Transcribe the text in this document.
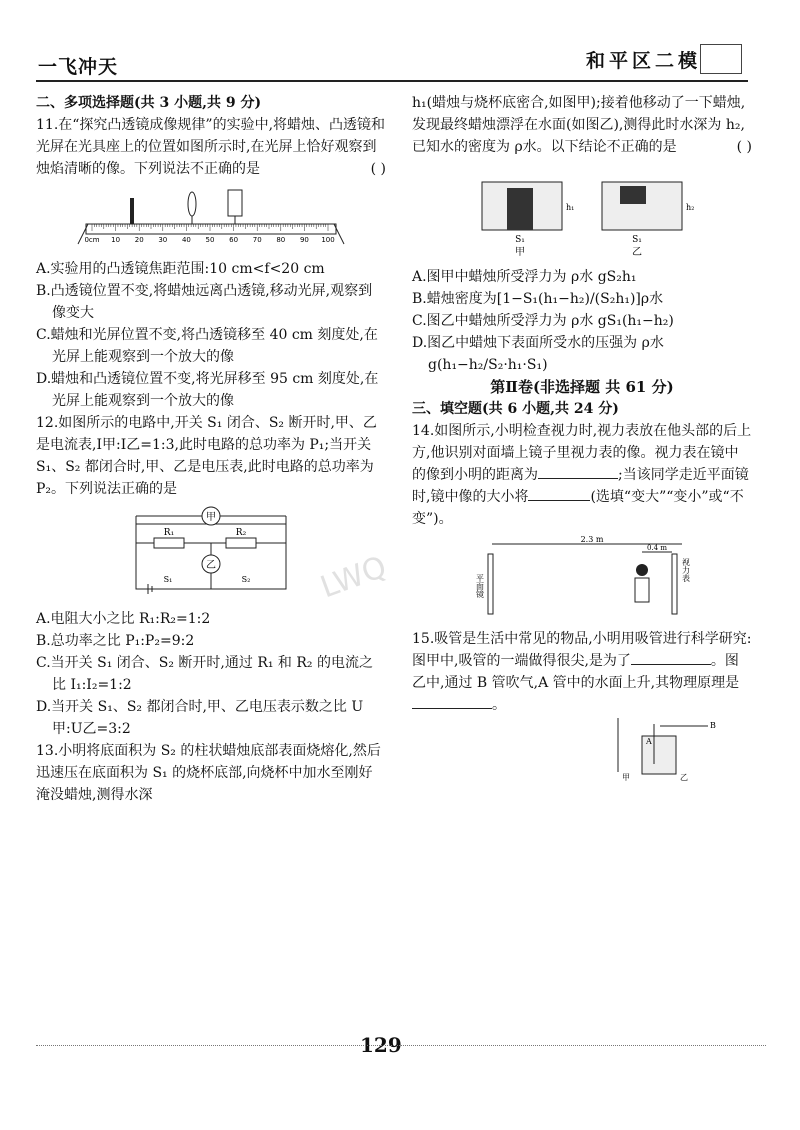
一飞冲天	和平区二模
LWQ

二、多项选择题(共 3 小题,共 9 分)

11.在“探究凸透镜成像规律”的实验中,将蜡烛、凸透镜和光屏在光具座上的位置如图所示时,在光屏上恰好观察到烛焰清晰的像。下列说法不正确的是	( )

0cm 10 20 30 40 50 60 70 80 90 100

A.实验用的凸透镜焦距范围:10 cm<f<20 cm

B.凸透镜位置不变,将蜡烛远离凸透镜,移动光屏,观察到像变大

C.蜡烛和光屏位置不变,将凸透镜移至 40 cm 刻度处,在光屏上能观察到一个放大的像

D.蜡烛和凸透镜位置不变,将光屏移至 95 cm 刻度处,在光屏上能观察到一个放大的像

12.如图所示的电路中,开关 S₁ 闭合、S₂ 断开时,甲、乙是电流表,I甲:I乙=1:3,此时电路的总功率为 P₁;当开关 S₁、S₂ 都闭合时,甲、乙是电压表,此时电路的总功率为 P₂。下列说法正确的是

甲
R₁	R₂
乙
S₁	S₂

A.电阻大小之比 R₁:R₂=1:2

B.总功率之比 P₁:P₂=9:2

C.当开关 S₁ 闭合、S₂ 断开时,通过 R₁ 和 R₂ 的电流之比 I₁:I₂=1:2

D.当开关 S₁、S₂ 都闭合时,甲、乙电压表示数之比 U甲:U乙=3:2

13.小明将底面积为 S₂ 的柱状蜡烛底部表面烧熔化,然后迅速压在底面积为 S₁ 的烧杯底部,向烧杯中加水至刚好淹没蜡烛,测得水深

h₁(蜡烛与烧杯底密合,如图甲);接着他移动了一下蜡烛,发现最终蜡烛漂浮在水面(如图乙),测得此时水深为 h₂,已知水的密度为 ρ水。以下结论不正确的是	( )

S₁
甲
S₁
乙
h₁	h₂

A.图甲中蜡烛所受浮力为 ρ水 gS₂h₁

B.蜡烛密度为[1−S₁(h₁−h₂)/(S₂h₁)]ρ水

C.图乙中蜡烛所受浮力为 ρ水 gS₁(h₁−h₂)

D.图乙中蜡烛下表面所受水的压强为 ρ水 g(h₁−h₂/S₂·h₁·S₁)

第Ⅱ卷(非选择题 共 61 分)

三、填空题(共 6 小题,共 24 分)

14.如图所示,小明检查视力时,视力表放在他头部的后上方,他识别对面墙上镜子里视力表的像。视力表在镜中的像到小明的距离为	;当该同学走近平面镜时,镜中像的大小将	(选填“变大”“变小”或“不变”)。

2.3 m
0.4 m
平面镜
视力表

15.吸管是生活中常见的物品,小明用吸管进行科学研究:图甲中,吸管的一端做得很尖,是为了	。图乙中,通过 B 管吹气,A 管中的水面上升,其物理原理是。

甲
A
B
乙
129
